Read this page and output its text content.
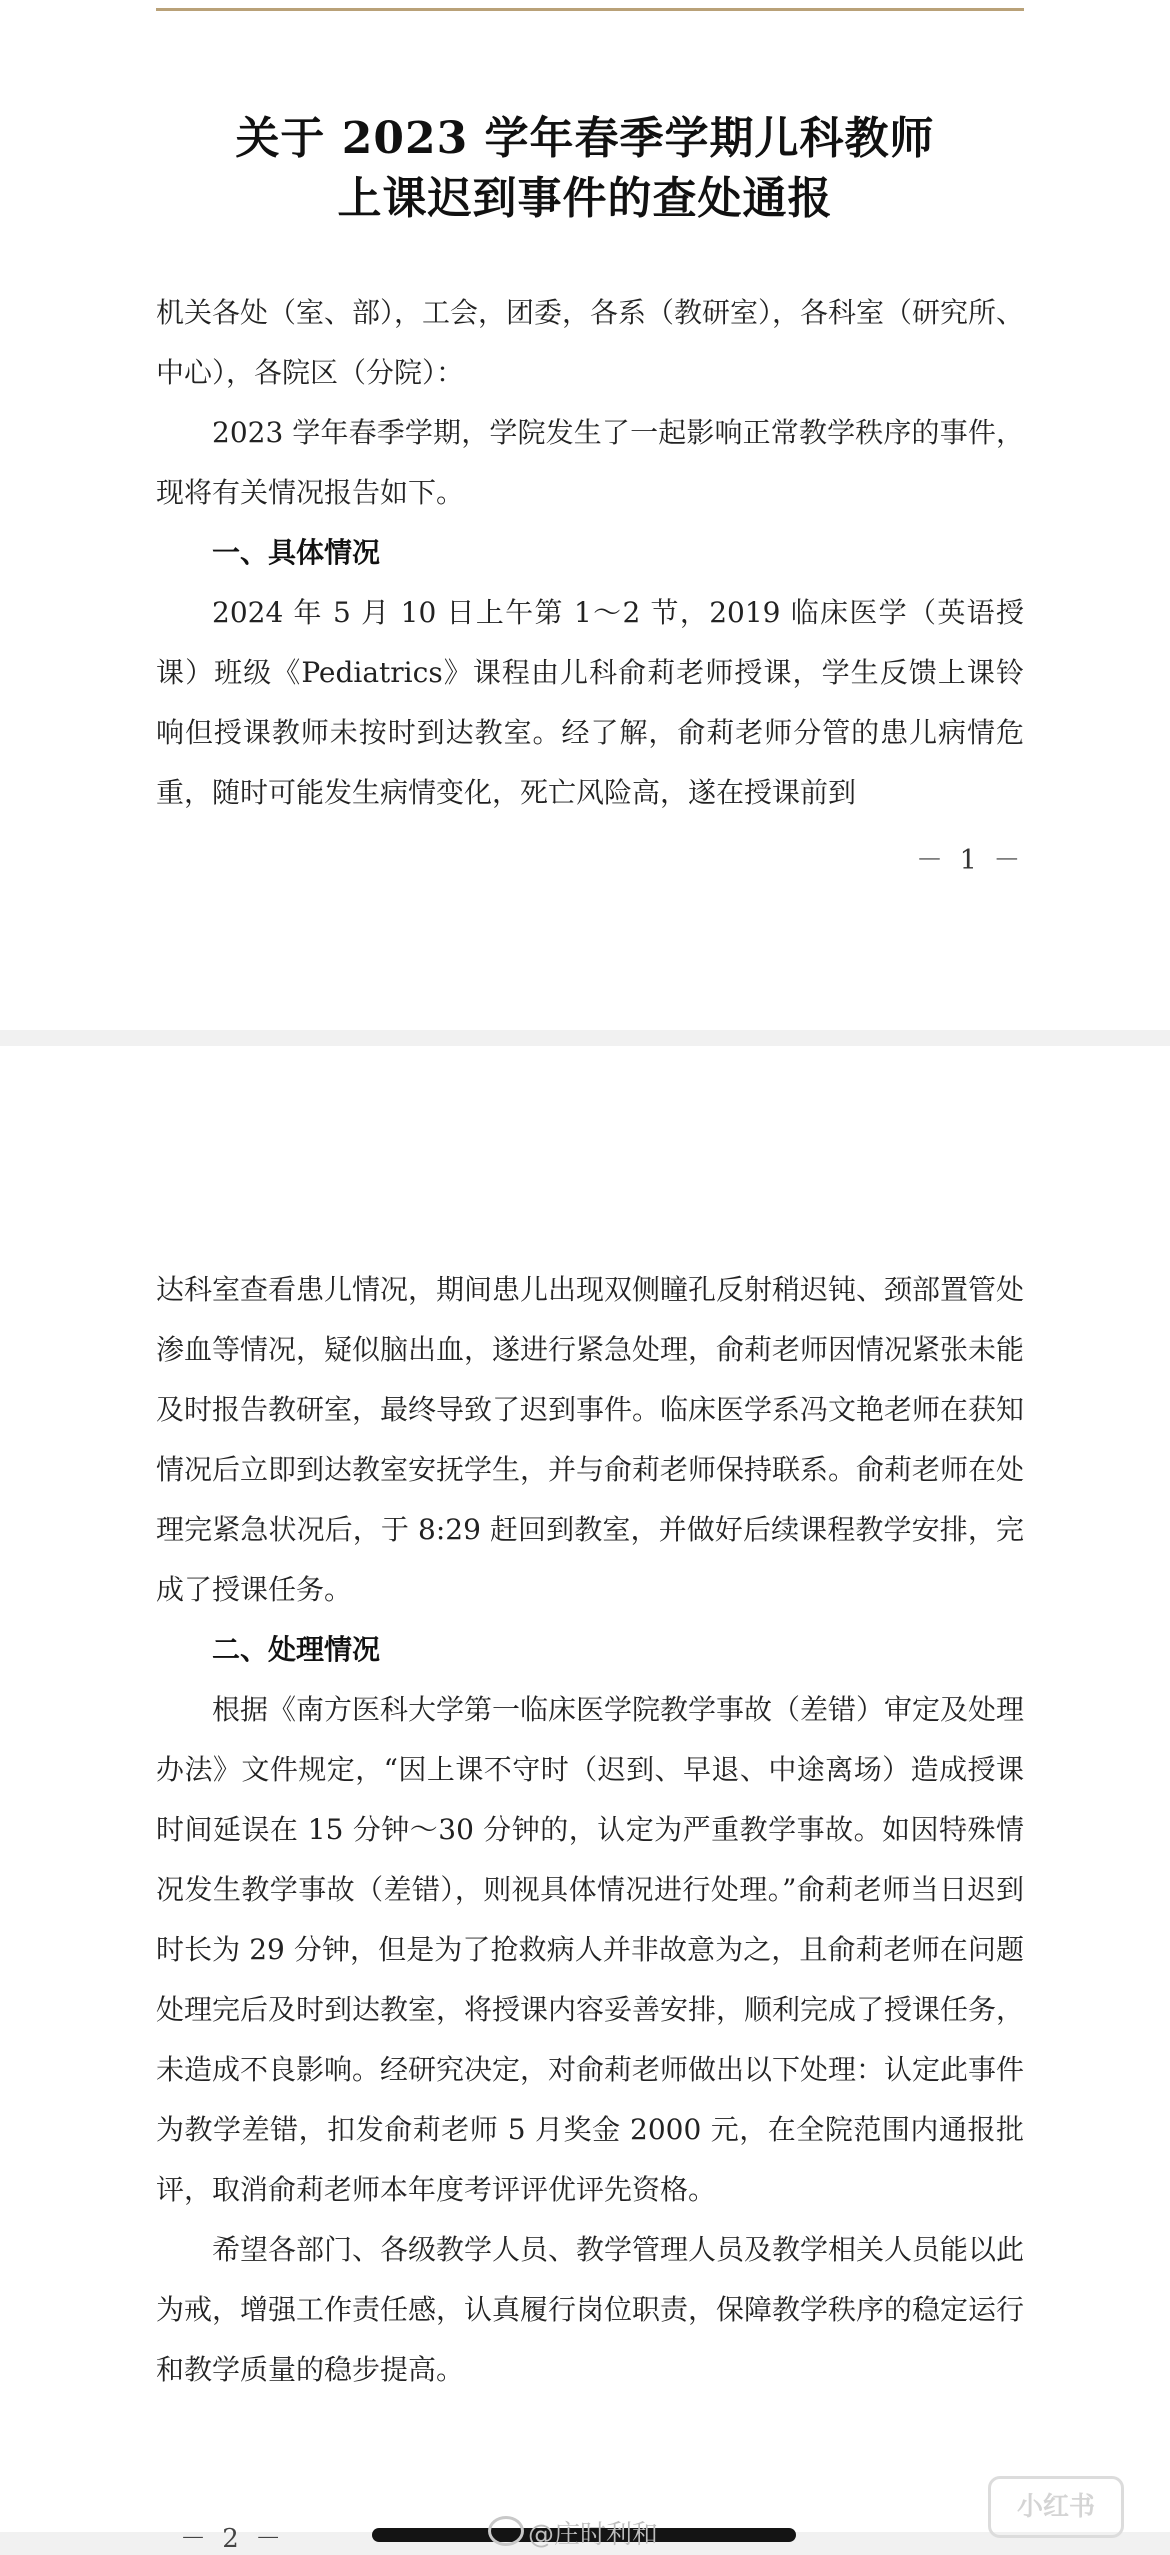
关于 2023 学年春季学期儿科教师
上课迟到事件的查处通报

机关各处（室、部），工会，团委，各系（教研室），各科室（研究所、中心），各院区（分院）：

2023 学年春季学期，学院发生了一起影响正常教学秩序的事件，现将有关情况报告如下。

一、具体情况

2024 年 5 月 10 日上午第 1～2 节，2019 临床医学（英语授课）班级《Pediatrics》课程由儿科俞莉老师授课，学生反馈上课铃响但授课教师未按时到达教室。经了解，俞莉老师分管的患儿病情危重，随时可能发生病情变化，死亡风险高，遂在授课前到

－ 1 －

达科室查看患儿情况，期间患儿出现双侧瞳孔反射稍迟钝、颈部置管处渗血等情况，疑似脑出血，遂进行紧急处理，俞莉老师因情况紧张未能及时报告教研室，最终导致了迟到事件。临床医学系冯文艳老师在获知情况后立即到达教室安抚学生，并与俞莉老师保持联系。俞莉老师在处理完紧急状况后，于 8:29 赶回到教室，并做好后续课程教学安排，完成了授课任务。

二、处理情况

根据《南方医科大学第一临床医学院教学事故（差错）审定及处理办法》文件规定，“因上课不守时（迟到、早退、中途离场）造成授课时间延误在 15 分钟～30 分钟的，认定为严重教学事故。如因特殊情况发生教学事故（差错），则视具体情况进行处理。”俞莉老师当日迟到时长为 29 分钟，但是为了抢救病人并非故意为之，且俞莉老师在问题处理完后及时到达教室，将授课内容妥善安排，顺利完成了授课任务，未造成不良影响。经研究决定，对俞莉老师做出以下处理：认定此事件为教学差错，扣发俞莉老师 5 月奖金 2000 元，在全院范围内通报批评，取消俞莉老师本年度考评评优评先资格。

希望各部门、各级教学人员、教学管理人员及教学相关人员能以此为戒，增强工作责任感，认真履行岗位职责，保障教学秩序的稳定运行和教学质量的稳步提高。

－ 2 －
小红书
@庄时利和
